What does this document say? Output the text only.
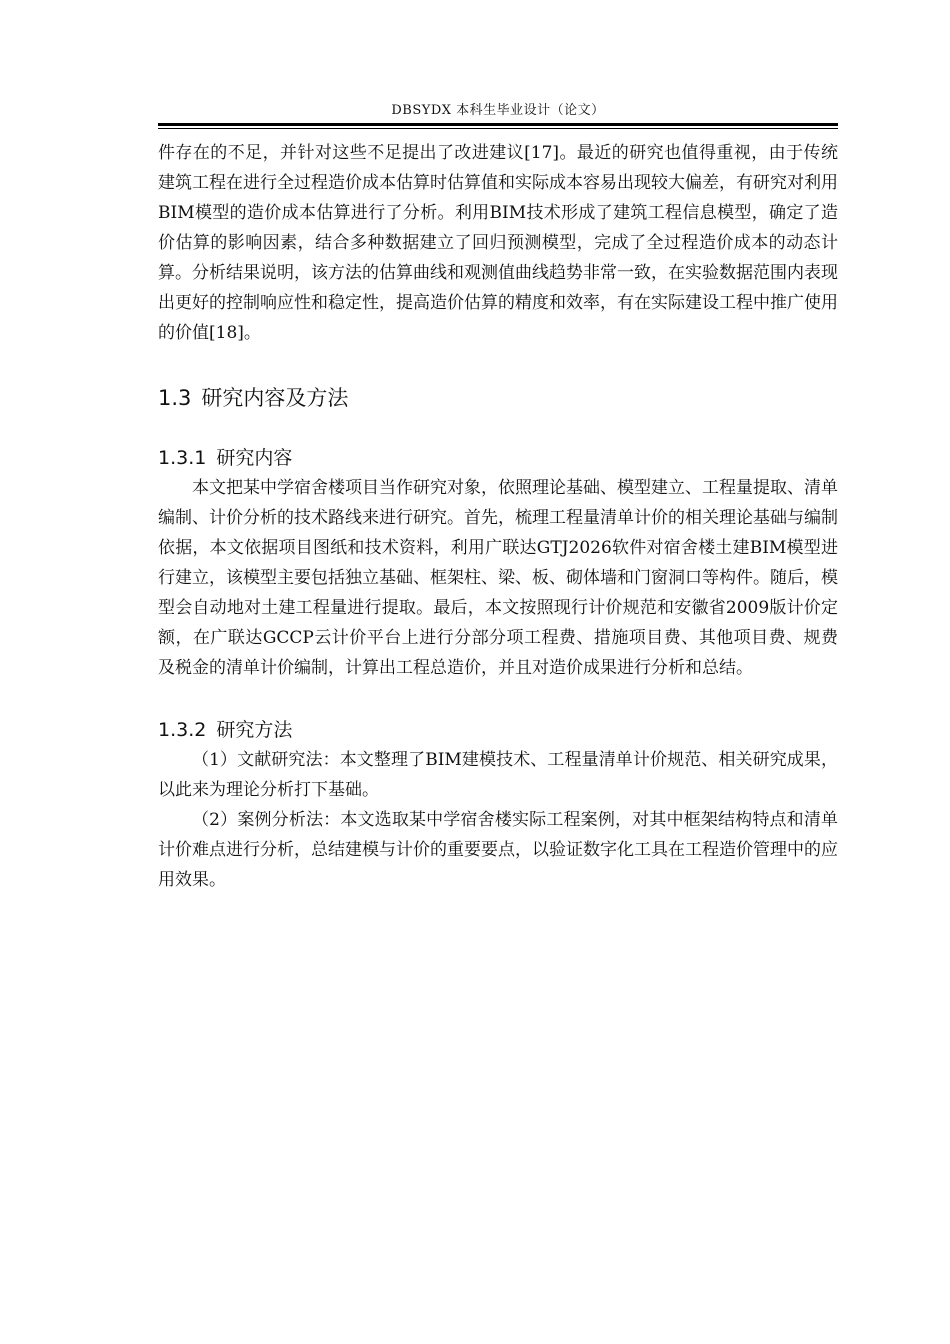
DBSYDX 本科生毕业设计（论文）

件存在的不足，并针对这些不足提出了改进建议[17]。最近的研究也值得重视，由于传统建筑工程在进行全过程造价成本估算时估算值和实际成本容易出现较大偏差，有研究对利用BIM模型的造价成本估算进行了分析。利用BIM技术形成了建筑工程信息模型，确定了造价估算的影响因素，结合多种数据建立了回归预测模型，完成了全过程造价成本的动态计算。分析结果说明，该方法的估算曲线和观测值曲线趋势非常一致，在实验数据范围内表现出更好的控制响应性和稳定性，提高造价估算的精度和效率，有在实际建设工程中推广使用的价值[18]。

1.3 研究内容及方法
1.3.1 研究内容

本文把某中学宿舍楼项目当作研究对象，依照理论基础、模型建立、工程量提取、清单编制、计价分析的技术路线来进行研究。首先，梳理工程量清单计价的相关理论基础与编制依据，本文依据项目图纸和技术资料，利用广联达GTJ2026软件对宿舍楼土建BIM模型进行建立，该模型主要包括独立基础、框架柱、梁、板、砌体墙和门窗洞口等构件。随后，模型会自动地对土建工程量进行提取。最后，本文按照现行计价规范和安徽省2009版计价定额，在广联达GCCP云计价平台上进行分部分项工程费、措施项目费、其他项目费、规费及税金的清单计价编制，计算出工程总造价，并且对造价成果进行分析和总结。

1.3.2 研究方法

（1）文献研究法：本文整理了BIM建模技术、工程量清单计价规范、相关研究成果，以此来为理论分析打下基础。

（2）案例分析法：本文选取某中学宿舍楼实际工程案例，对其中框架结构特点和清单计价难点进行分析，总结建模与计价的重要要点，以验证数字化工具在工程造价管理中的应用效果。
